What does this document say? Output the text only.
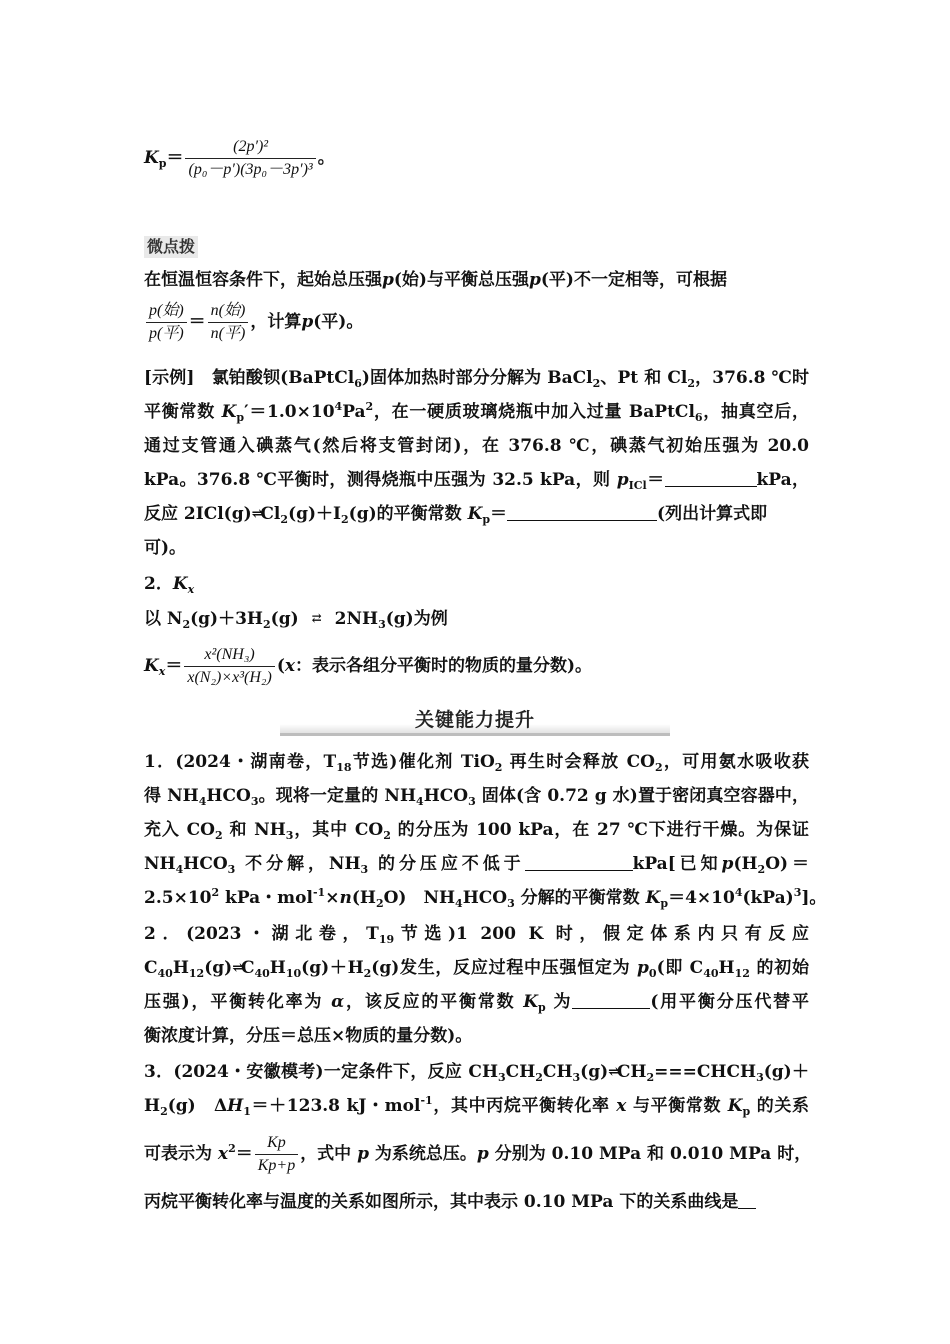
$K_p= \frac{\text{(2p′)²}}{\text{(p₀－p′)(3p₀－3p′)³}}$ 。
微点拨
在恒温恒容条件下，起始总压强p(始)与平衡总压强p(平)不一定相等，可根据
$\frac{\text{p(始)}}{\text{p(平)}} = \frac{\text{n(始)}}{\text{n(平)}}$ ，计算p(平)。
[示例]　氯铂酸钡(BaPtCl$_6$)固体加热时部分分解为 BaCl$_2$、Pt 和 $Cl_2$，376.8 ℃时
平衡常数 $K_p'=1.0\times 10^4Pa^2$，在一硬质玻璃烧瓶中加入过量 BaPtCl$_6$，抽真空后，
通过支管通入碘蒸气(然后将支管封闭)，在 376.8 ℃，碘蒸气初始压强为 20.0
kPa。376.8 ℃平衡时，测得烧瓶中压强为 32.5 kPa，则 $p_{ICl}=$	kPa，
反应 $2ICl(g)\rightleftharpoons Cl_2(g)+I_2(g)$的平衡常数 $K_p=$	(列出计算式即
可)。
2．$K_x$
以 $N_2(g)+3H_2(g)$ ⇄ $2NH_3(g)$为例
$K_x= \frac{\text{x²(NH₃)}}{\text{x(N₂)×x³(H₂)}} (x$：表示各组分平衡时的物质的量分数)。
关键能力提升
1．(2024・湖南卷，$T_{18}$节选)催化剂 TiO$_2$ 再生时会释放 $CO_2$，可用氨水吸收获
得 $NH_4HCO_3$。现将一定量的 $NH_4HCO_3$ 固体(含 0.72 g 水)置于密闭真空容器中，
充入 $CO_2$ 和 $NH_3$，其中 $CO_2$ 的分压为 100 kPa，在 27 ℃下进行干燥。为保证
$NH_4HCO_3$ 不分解，$NH_3$ 的分压应不低于	kPa[已知$p(H_2O)=$
$2.5\times 10^2$ kPa・$mol^{-1}\times n(H_2O)$　$NH_4HCO_3$ 分解的平衡常数 $K_p=4\times 10^4(kPa)^3$]。
2．(2023・湖北卷，$T_{19}$节选)1 200 K 时，假定体系内只有反应
$C_{40}H_{12}(g)\rightleftharpoons C_{40}H_{10}(g)+H_2(g)$发生，反应过程中压强恒定为 $p_0$(即 $C_{40}H_{12}$ 的初始
压强)，平衡转化率为 α，该反应的平衡常数 $K_p$ 为	(用平衡分压代替平
衡浓度计算，分压＝总压×物质的量分数)。
3．(2024・安徽模考)一定条件下，反应 $CH_3CH_2CH_3(g)\rightleftharpoons CH_2===CHCH_3(g)+$
$H_2(g)$　$\Delta H_1=+123.8$ kJ・mol$^{-1}$，其中丙烷平衡转化率 x 与平衡常数 $K_p$ 的关系
可表示为 $x^2= \frac{Kp}{Kp+p}$ ，式中 p 为系统总压。p 分别为 0.10 MPa 和 0.010 MPa 时，
丙烷平衡转化率与温度的关系如图所示，其中表示 0.10 MPa 下的关系曲线是
